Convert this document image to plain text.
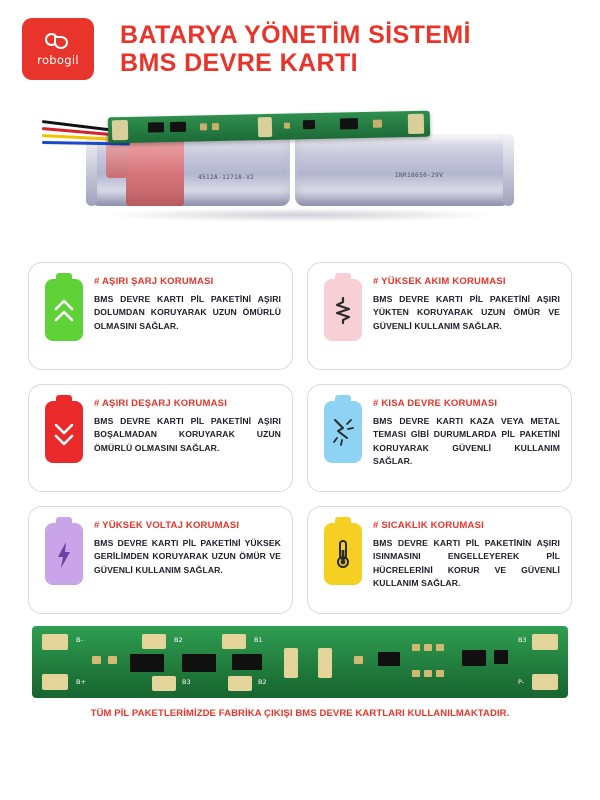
robogil
BATARYA YÖNETİM SİSTEMİ
BMS DEVRE KARTI
4512A-12718-V2	INR18650-29V
# AŞIRI ŞARJ KORUMASI
BMS DEVRE KARTI PİL PAKETİNİ AŞIRI DOLUMDAN KORUYARAK UZUN ÖMÜRLÜ OLMASINI SAĞLAR.
# YÜKSEK AKIM KORUMASI
BMS DEVRE KARTI PİL PAKETİNİ AŞIRI YÜKTEN KORUYARAK UZUN ÖMÜR VE GÜVENLİ KULLANIM SAĞLAR.
# AŞIRI DEŞARJ KORUMASI
BMS DEVRE KARTI PİL PAKETİNİ AŞIRI BOŞALMADAN KORUYARAK UZUN ÖMÜRLÜ OLMASINI SAĞLAR.
# KISA DEVRE KORUMASI
BMS DEVRE KARTI KAZA VEYA METAL TEMASI GİBİ DURUMLARDA PİL PAKETİNİ KORUYARAK GÜVENLİ KULLANIM SAĞLAR.
# YÜKSEK VOLTAJ KORUMASI
BMS DEVRE KARTI PİL PAKETİNİ YÜKSEK GERİLİMDEN KORUYARAK UZUN ÖMÜR VE GÜVENLİ KULLANIM SAĞLAR.
# SICAKLIK KORUMASI
BMS DEVRE KARTI PİL PAKETİNİN AŞIRI ISINMASINI ENGELLEYEREK PİL HÜCRELERİNİ KORUR VE GÜVENLİ KULLANIM SAĞLAR.
B-
B+
B2
B3
B1
B2
B3
P-
TÜM PİL PAKETLERİMİZDE FABRİKA ÇIKIŞI BMS DEVRE KARTLARI KULLANILMAKTADIR.
